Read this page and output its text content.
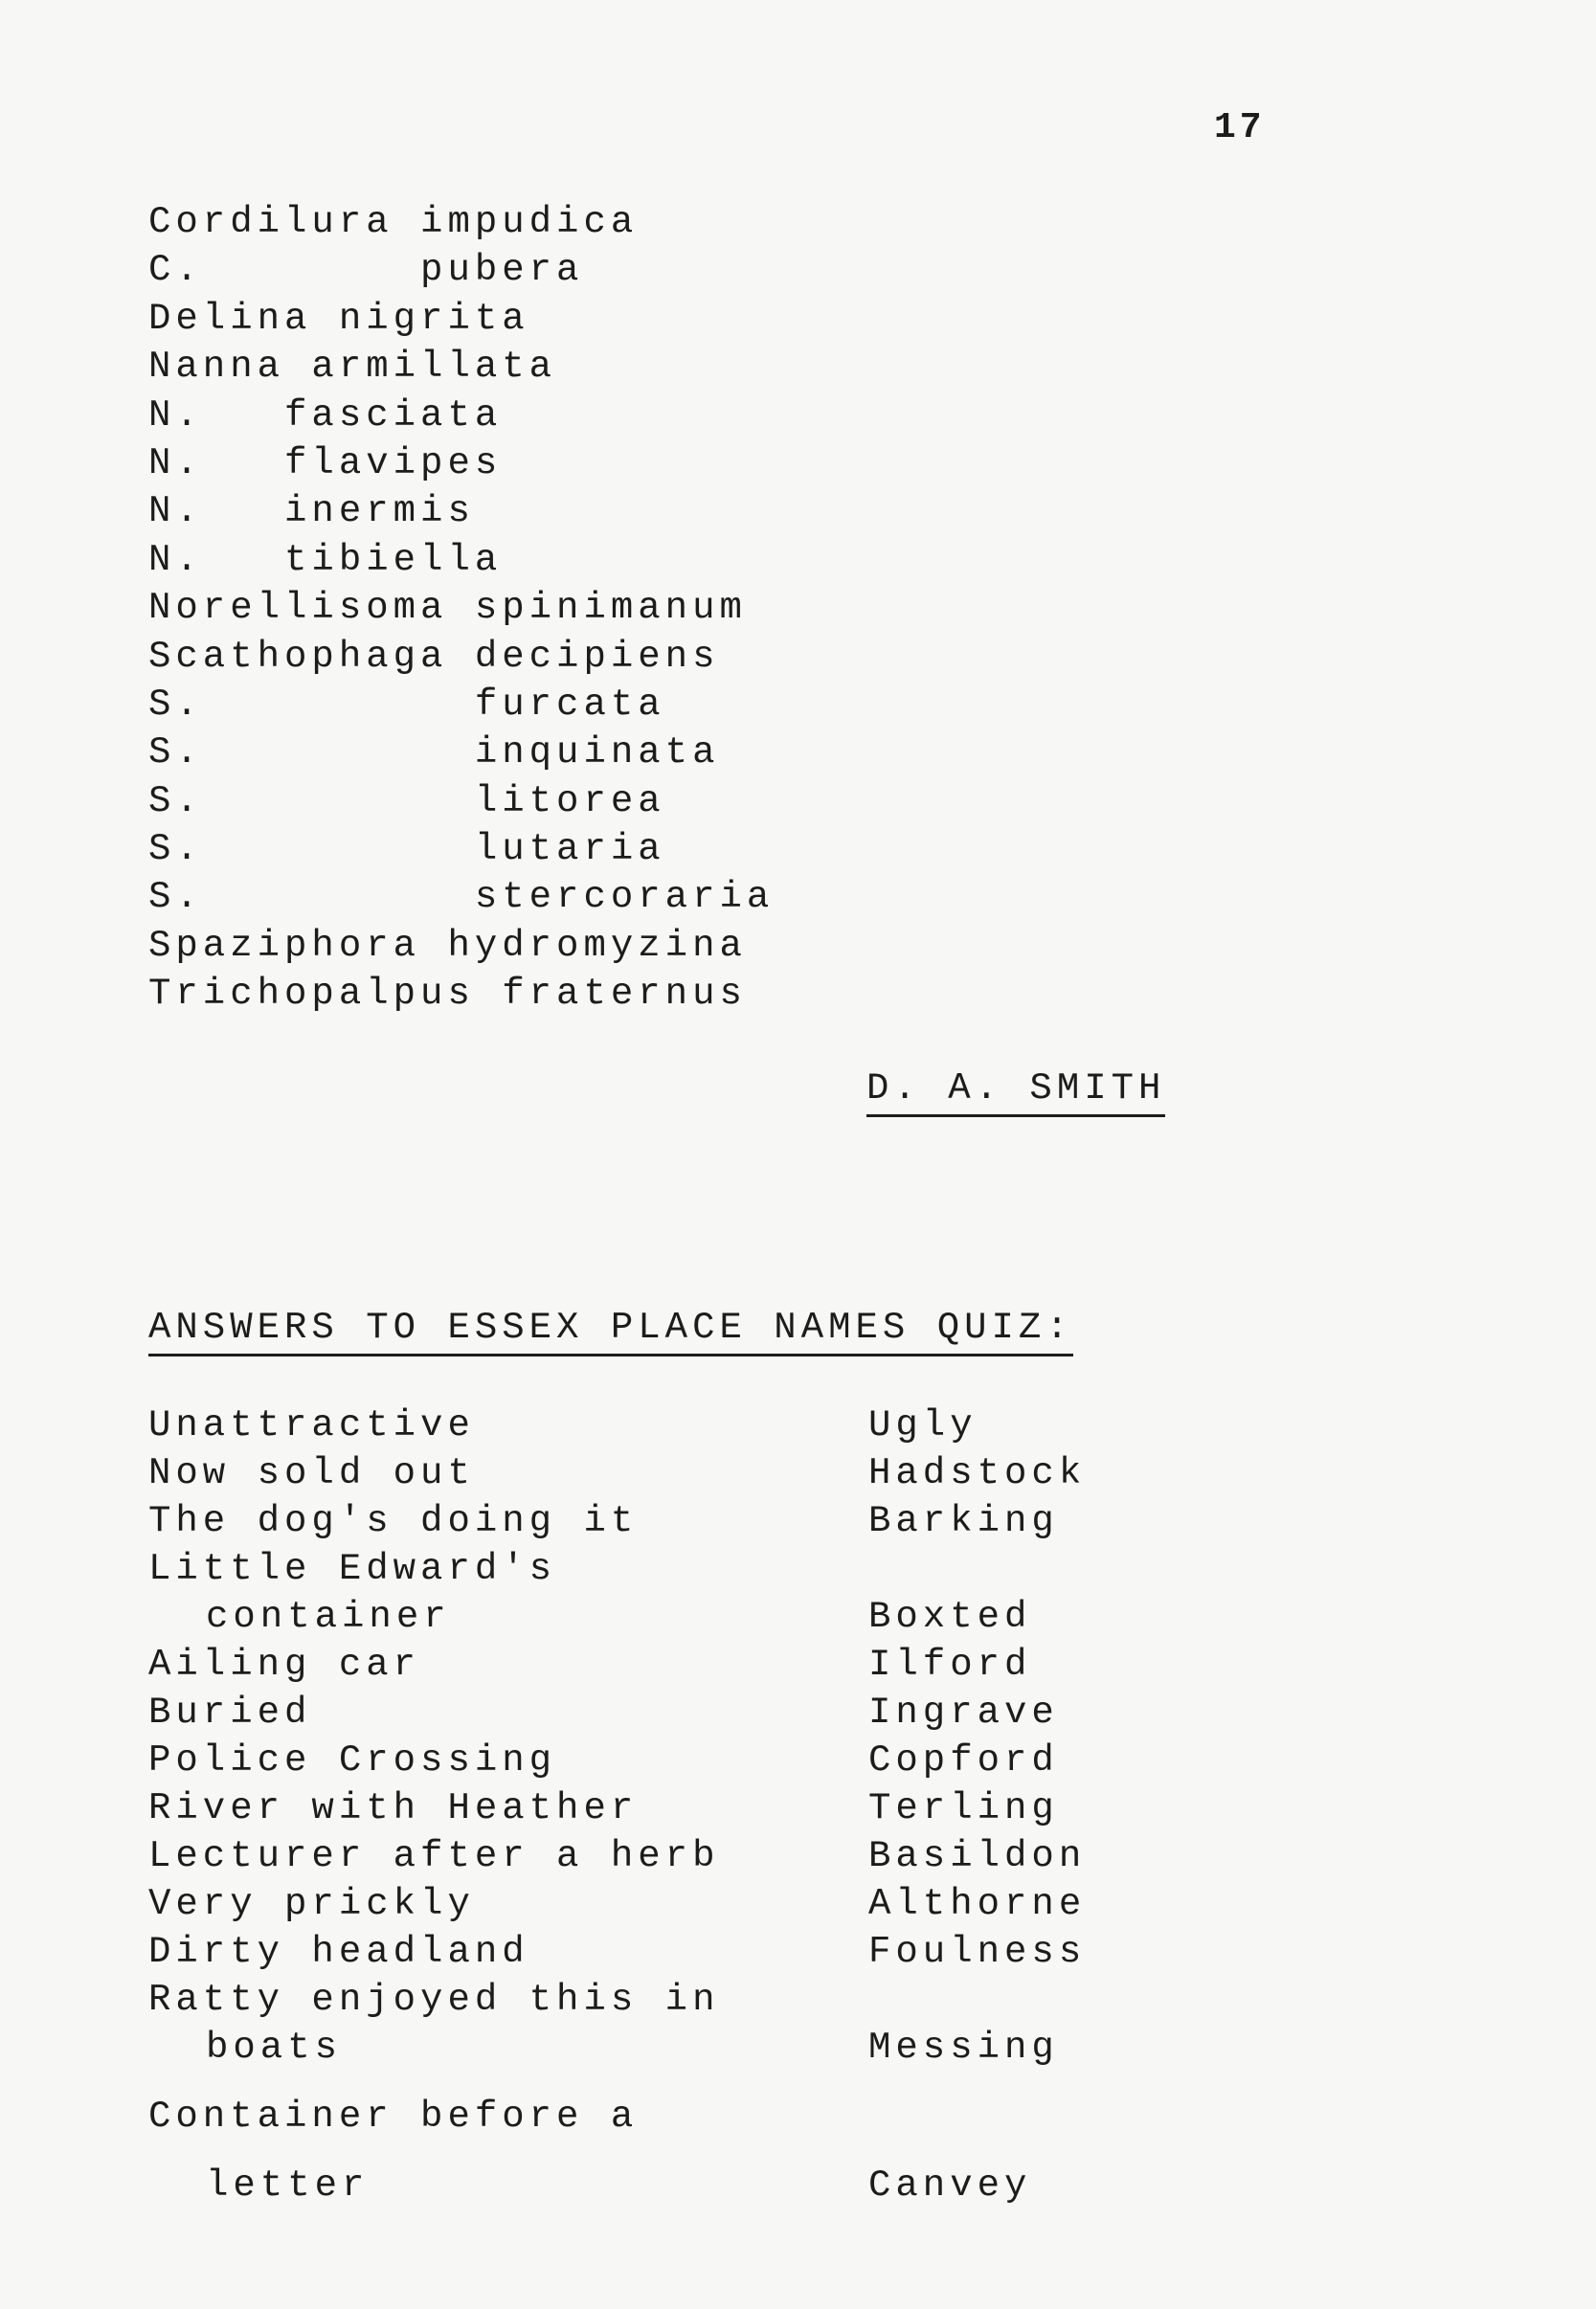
17
Cordilura impudica
C.        pubera
Delina nigrita
Nanna armillata
N.   fasciata
N.   flavipes
N.   inermis
N.   tibiella
Norellisoma spinimanum
Scathophaga decipiens
S.          furcata
S.          inquinata
S.          litorea
S.          lutaria
S.          stercoraria
Spaziphora hydromyzina
Trichopalpus fraternus
D. A. SMITH
ANSWERS TO ESSEX PLACE NAMES QUIZ:
Unattractive	Ugly
Now sold out	Hadstock
The dog's doing it	Barking
Little Edward's
container	Boxted
Ailing car	Ilford
Buried	Ingrave
Police Crossing	Copford
River with Heather	Terling
Lecturer after a herb	Basildon
Very prickly	Althorne
Dirty headland	Foulness
Ratty enjoyed this in
boats	Messing
Container before a
letter	Canvey
